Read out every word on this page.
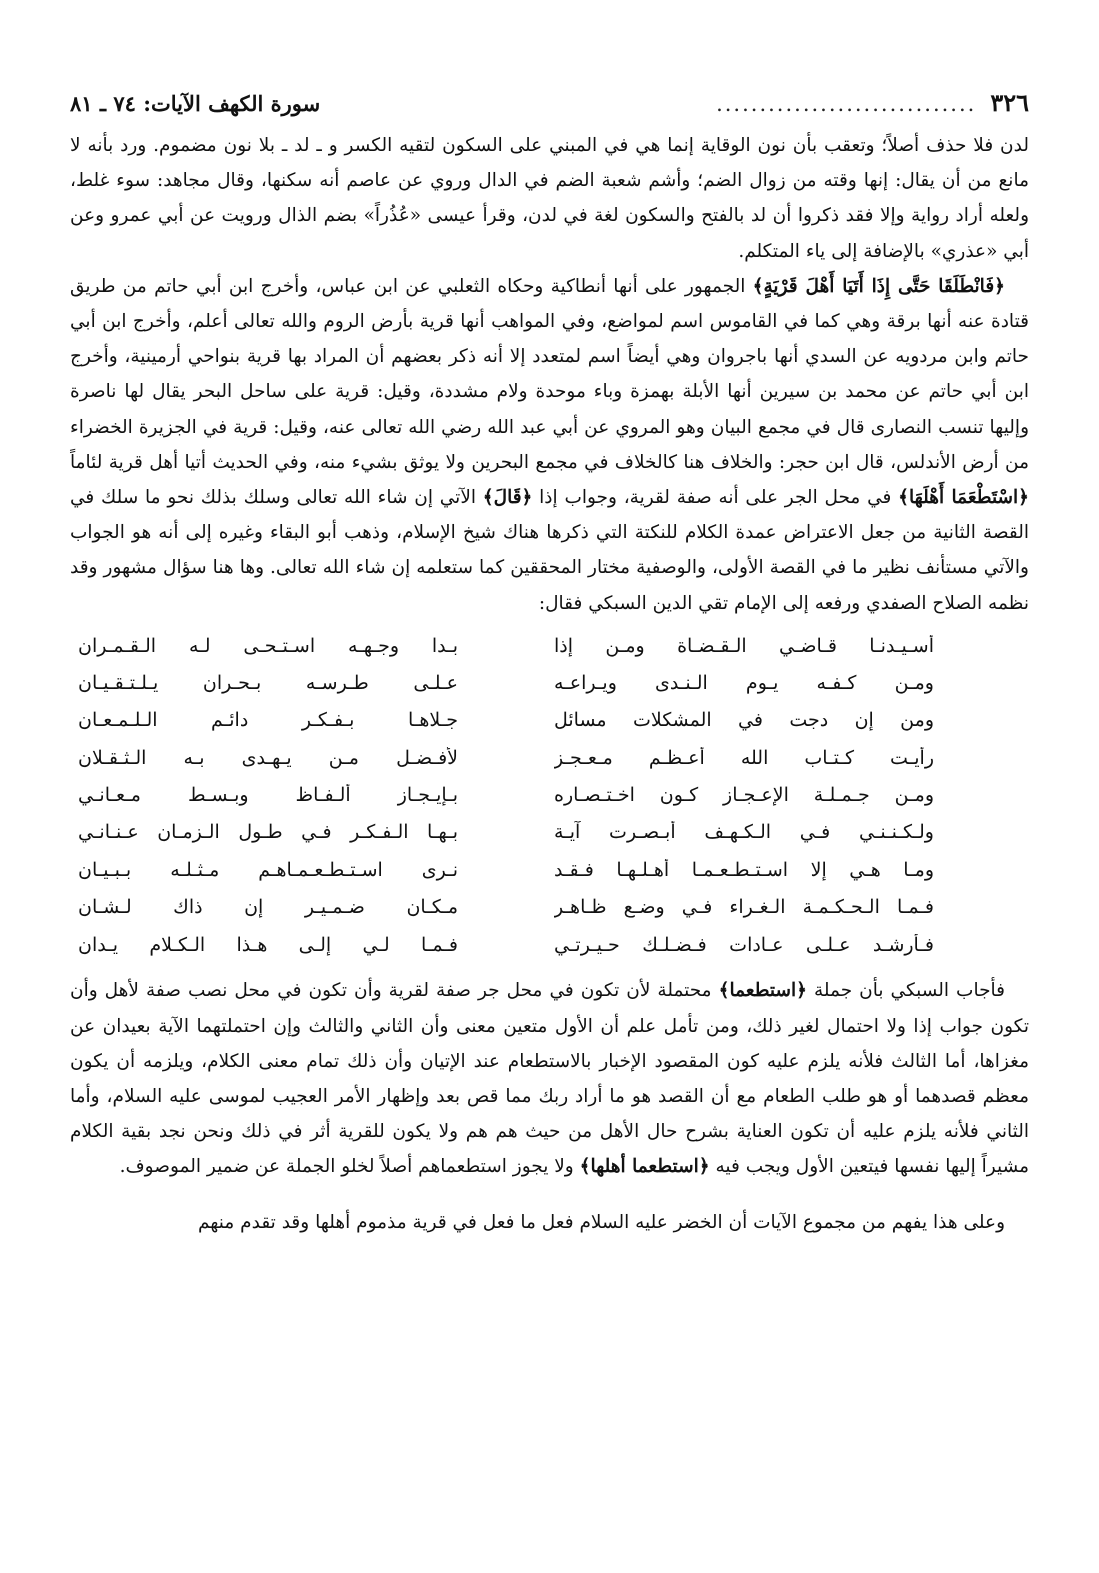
٣٢٦
..............................
سورة الكهف الآيات: ٧٤ ـ ٨١

لدن فلا حذف أصلاً؛ وتعقب بأن نون الوقاية إنما هي في المبني على السكون لتقيه الكسر و ـ لد ـ بلا نون مضموم. ورد بأنه لا مانع من أن يقال: إنها وقته من زوال الضم؛ وأشم شعبة الضم في الدال وروي عن عاصم أنه سكنها، وقال مجاهد: سوء غلط، ولعله أراد رواية وإلا فقد ذكروا أن لد بالفتح والسكون لغة في لدن، وقرأ عيسى «عُذُراً» بضم الذال ورويت عن أبي عمرو وعن أبي «عذري» بالإضافة إلى ياء المتكلم.

﴿فَانْطَلَقَا حَتَّى إِذَا أَتَيَا أَهْلَ قَرْيَةٍ﴾ الجمهور على أنها أنطاكية وحكاه الثعلبي عن ابن عباس، وأخرج ابن أبي حاتم من طريق قتادة عنه أنها برقة وهي كما في القاموس اسم لمواضع، وفي المواهب أنها قرية بأرض الروم والله تعالى أعلم، وأخرج ابن أبي حاتم وابن مردويه عن السدي أنها باجروان وهي أيضاً اسم لمتعدد إلا أنه ذكر بعضهم أن المراد بها قرية بنواحي أرمينية، وأخرج ابن أبي حاتم عن محمد بن سيرين أنها الأبلة بهمزة وباء موحدة ولام مشددة، وقيل: قرية على ساحل البحر يقال لها ناصرة وإليها تنسب النصارى قال في مجمع البيان وهو المروي عن أبي عبد الله رضي الله تعالى عنه، وقيل: قرية في الجزيرة الخضراء من أرض الأندلس، قال ابن حجر: والخلاف هنا كالخلاف في مجمع البحرين ولا يوثق بشيء منه، وفي الحديث أتيا أهل قرية لئاماً ﴿اسْتَطْعَمَا أَهْلَهَا﴾ في محل الجر على أنه صفة لقرية، وجواب إذا ﴿قَالَ﴾ الآتي إن شاء الله تعالى وسلك بذلك نحو ما سلك في القصة الثانية من جعل الاعتراض عمدة الكلام للنكتة التي ذكرها هناك شيخ الإسلام، وذهب أبو البقاء وغيره إلى أنه هو الجواب والآتي مستأنف نظير ما في القصة الأولى، والوصفية مختار المحققين كما ستعلمه إن شاء الله تعالى. وها هنا سؤال مشهور وقد نظمه الصلاح الصفدي ورفعه إلى الإمام تقي الدين السبكي فقال:

أسـيـدنـا قـاضـي الـقـضـاة ومـن إذا
بـدا وجـهـه اسـتـحـى لـه الـقـمـران
ومـن كـفـه يـوم الـنـدى ويـراعـه
عـلـى طـرسـه بـحـران يـلـتـقـيـان
ومن إن دجت في المشكلات مسائل
جـلاهـا بـفـكـر دائـم الـلـمـعـان
رأيـت كـتـاب الله أعـظـم مـعـجـز
لأفـضـل مـن يـهـدى بـه الـثـقـلان
ومـن جـمـلـة الإعـجـاز كـون اخـتـصـاره
بـإيـجـاز ألـفـاظ وبـسـط مـعـانـي
ولـكـنـنـي فـي الـكـهـف أبـصـرت آيـة
بـهـا الـفـكـر فـي طـول الـزمـان عـنـانـي
ومـا هـي إلا اسـتـطـعـمـا أهـلـهـا فـقـد
نـرى اسـتـطـعـمـاهـم مـثـلـه بـبـيـان
فـمـا الـحـكـمـة الـغـراء فـي وضـع ظـاهـر
مـكـان ضـمـيـر إن ذاك لـشـان
فـأرشـد عـلـى عـادات فـضـلـك حـيـرتـي
فـمـا لـي إلـى هـذا الـكـلام يـدان

فأجاب السبكي بأن جملة ﴿استطعما﴾ محتملة لأن تكون في محل جر صفة لقرية وأن تكون في محل نصب صفة لأهل وأن تكون جواب إذا ولا احتمال لغير ذلك، ومن تأمل علم أن الأول متعين معنى وأن الثاني والثالث وإن احتملتهما الآية بعيدان عن مغزاها، أما الثالث فلأنه يلزم عليه كون المقصود الإخبار بالاستطعام عند الإتيان وأن ذلك تمام معنى الكلام، ويلزمه أن يكون معظم قصدهما أو هو طلب الطعام مع أن القصد هو ما أراد ربك مما قص بعد وإظهار الأمر العجيب لموسى عليه السلام، وأما الثاني فلأنه يلزم عليه أن تكون العناية بشرح حال الأهل من حيث هم هم ولا يكون للقرية أثر في ذلك ونحن نجد بقية الكلام مشيراً إليها نفسها فيتعين الأول ويجب فيه ﴿استطعما أهلها﴾ ولا يجوز استطعماهم أصلاً لخلو الجملة عن ضمير الموصوف.

وعلى هذا يفهم من مجموع الآيات أن الخضر عليه السلام فعل ما فعل في قرية مذموم أهلها وقد تقدم منهم
